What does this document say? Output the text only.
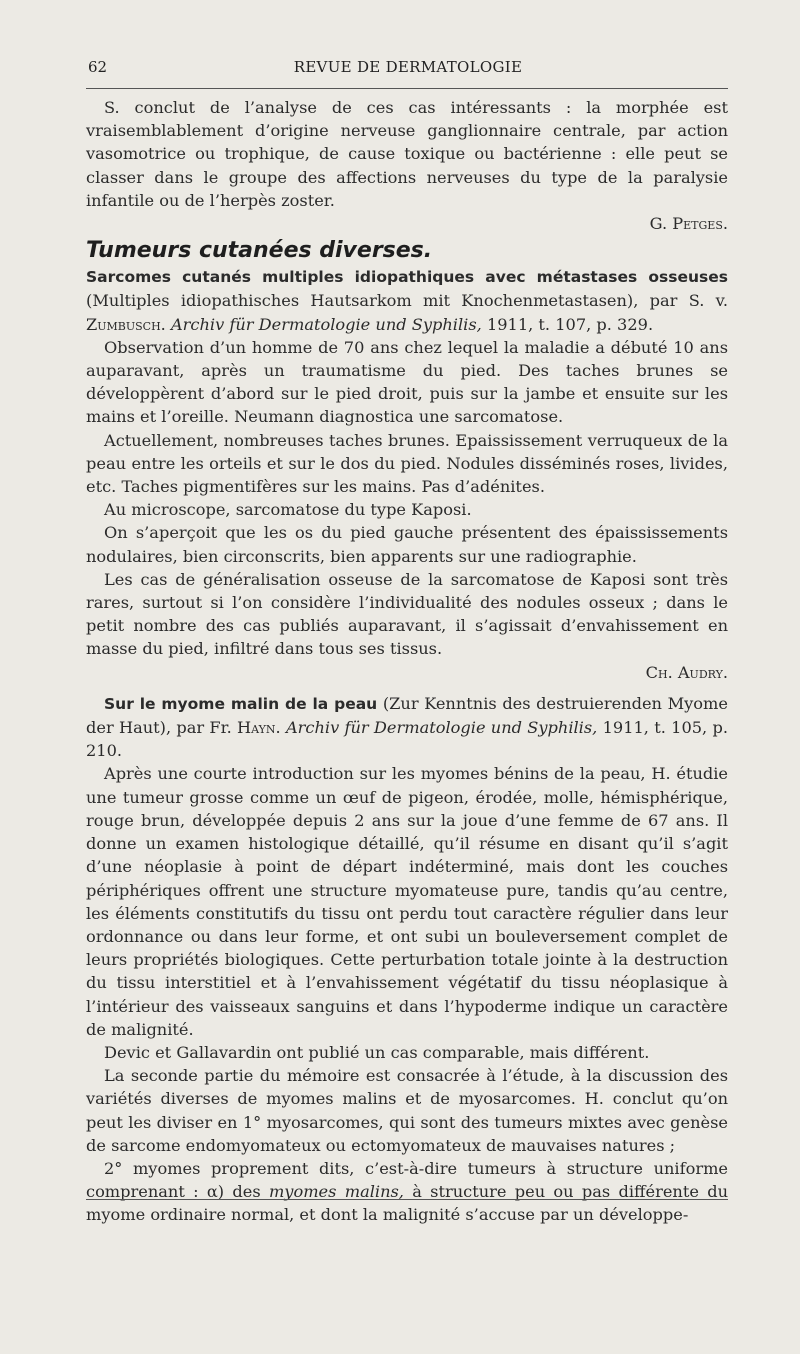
62	REVUE DE DERMATOLOGIE

S. conclut de l’analyse de ces cas intéressants : la morphée est vraisemblablement d’origine nerveuse ganglionnaire centrale, par action vasomotrice ou trophique, de cause toxique ou bactérienne : elle peut se classer dans le groupe des affections nerveuses du type de la paralysie infantile ou de l’herpès zoster.

G. Petges.

Tumeurs cutanées diverses.

Sarcomes cutanés multiples idiopathiques avec métastases osseuses

(Multiples idiopathisches Hautsarkom mit Knochenmetastasen), par S. v. Zumbusch. Archiv für Dermatologie und Syphilis, 1911, t. 107, p. 329.

Observation d’un homme de 70 ans chez lequel la maladie a débuté 10 ans auparavant, après un traumatisme du pied. Des taches brunes se développèrent d’abord sur le pied droit, puis sur la jambe et ensuite sur les mains et l’oreille. Neumann diagnostica une sarcomatose.

Actuellement, nombreuses taches brunes. Epaississement verruqueux de la peau entre les orteils et sur le dos du pied. Nodules disséminés roses, livides, etc. Taches pigmentifères sur les mains. Pas d’adénites.

Au microscope, sarcomatose du type Kaposi.

On s’aperçoit que les os du pied gauche présentent des épaississements nodulaires, bien circonscrits, bien apparents sur une radiographie.

Les cas de généralisation osseuse de la sarcomatose de Kaposi sont très rares, surtout si l’on considère l’individualité des nodules osseux ; dans le petit nombre des cas publiés auparavant, il s’agissait d’envahissement en masse du pied, infiltré dans tous ses tissus.

Ch. Audry.

Sur le myome malin de la peau (Zur Kenntnis des destruierenden Myome der Haut), par Fr. Hayn. Archiv für Dermatologie und Syphilis, 1911, t. 105, p. 210.

Après une courte introduction sur les myomes bénins de la peau, H. étudie une tumeur grosse comme un œuf de pigeon, érodée, molle, hémisphérique, rouge brun, développée depuis 2 ans sur la joue d’une femme de 67 ans. Il donne un examen histologique détaillé, qu’il résume en disant qu’il s’agit d’une néoplasie à point de départ indéterminé, mais dont les couches périphériques offrent une structure myomateuse pure, tandis qu’au centre, les éléments constitutifs du tissu ont perdu tout caractère régulier dans leur ordonnance ou dans leur forme, et ont subi un bouleversement complet de leurs propriétés biologiques. Cette perturbation totale jointe à la destruction du tissu interstitiel et à l’envahissement végétatif du tissu néoplasique à l’intérieur des vaisseaux sanguins et dans l’hypoderme indique un caractère de malignité.

Devic et Gallavardin ont publié un cas comparable, mais différent.

La seconde partie du mémoire est consacrée à l’étude, à la discussion des variétés diverses de myomes malins et de myosarcomes. H. conclut qu’on peut les diviser en 1° myosarcomes, qui sont des tumeurs mixtes avec genèse de sarcome endomyomateux ou ectomyomateux de mauvaises natures ;

2° myomes proprement dits, c’est-à-dire tumeurs à structure uniforme comprenant : α) des myomes malins, à structure peu ou pas différente du myome ordinaire normal, et dont la malignité s’accuse par un développe-
